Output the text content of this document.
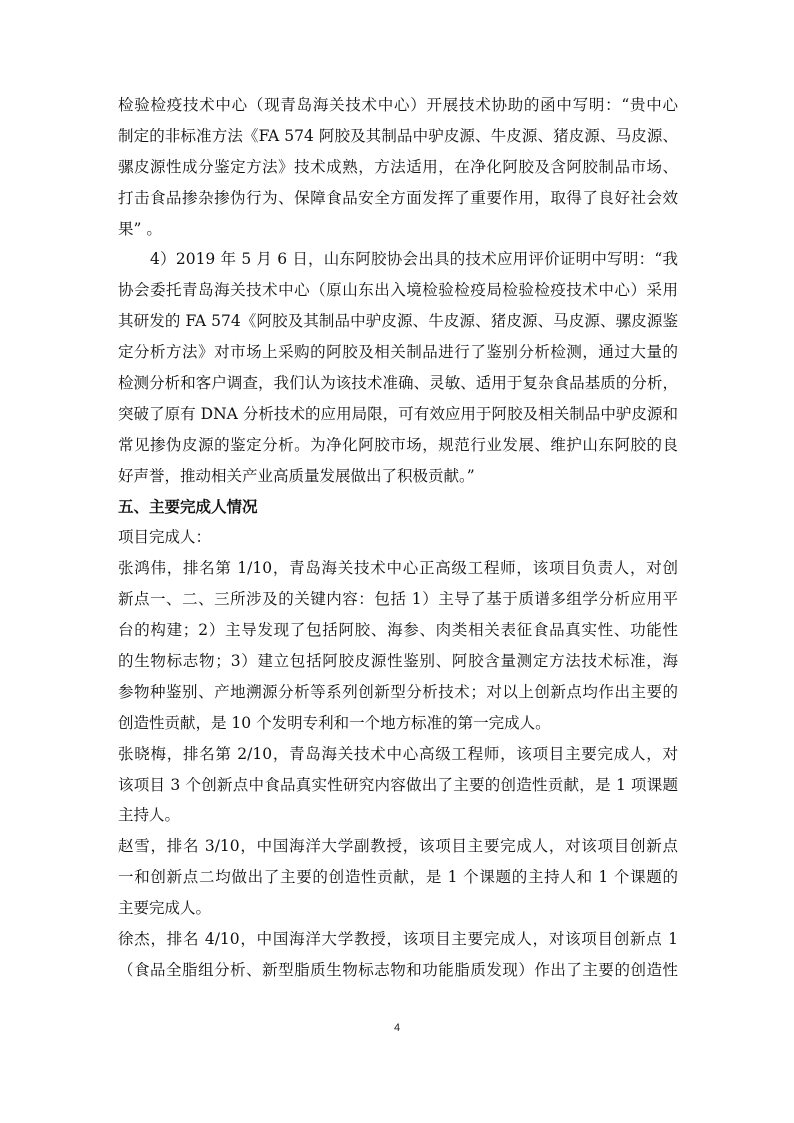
检验检疫技术中心（现青岛海关技术中心）开展技术协助的函中写明：“贵中心
制定的非标准方法《FA 574 阿胶及其制品中驴皮源、牛皮源、猪皮源、马皮源、
骡皮源性成分鉴定方法》技术成熟，方法适用，在净化阿胶及含阿胶制品市场、
打击食品掺杂掺伪行为、保障食品安全方面发挥了重要作用，取得了良好社会效
果” 。
4）2019 年 5 月 6 日，山东阿胶协会出具的技术应用评价证明中写明：“我
协会委托青岛海关技术中心（原山东出入境检验检疫局检验检疫技术中心）采用
其研发的 FA 574《阿胶及其制品中驴皮源、牛皮源、猪皮源、马皮源、骡皮源鉴
定分析方法》对市场上采购的阿胶及相关制品进行了鉴别分析检测，通过大量的
检测分析和客户调查，我们认为该技术准确、灵敏、适用于复杂食品基质的分析，
突破了原有 DNA 分析技术的应用局限，可有效应用于阿胶及相关制品中驴皮源和
常见掺伪皮源的鉴定分析。为净化阿胶市场，规范行业发展、维护山东阿胶的良
好声誉，推动相关产业高质量发展做出了积极贡献。”
五、主要完成人情况
项目完成人：
张鸿伟，排名第 1/10，青岛海关技术中心正高级工程师，该项目负责人，对创
新点一、二、三所涉及的关键内容：包括 1）主导了基于质谱多组学分析应用平
台的构建；2）主导发现了包括阿胶、海参、肉类相关表征食品真实性、功能性
的生物标志物；3）建立包括阿胶皮源性鉴别、阿胶含量测定方法技术标准，海
参物种鉴别、产地溯源分析等系列创新型分析技术；对以上创新点均作出主要的
创造性贡献，是 10 个发明专利和一个地方标准的第一完成人。
张晓梅，排名第 2/10，青岛海关技术中心高级工程师，该项目主要完成人，对
该项目 3 个创新点中食品真实性研究内容做出了主要的创造性贡献，是 1 项课题
主持人。
赵雪，排名 3/10，中国海洋大学副教授，该项目主要完成人，对该项目创新点
一和创新点二均做出了主要的创造性贡献，是 1 个课题的主持人和 1 个课题的
主要完成人。
徐杰，排名 4/10，中国海洋大学教授，该项目主要完成人，对该项目创新点 1
（食品全脂组分析、新型脂质生物标志物和功能脂质发现）作出了主要的创造性
4
